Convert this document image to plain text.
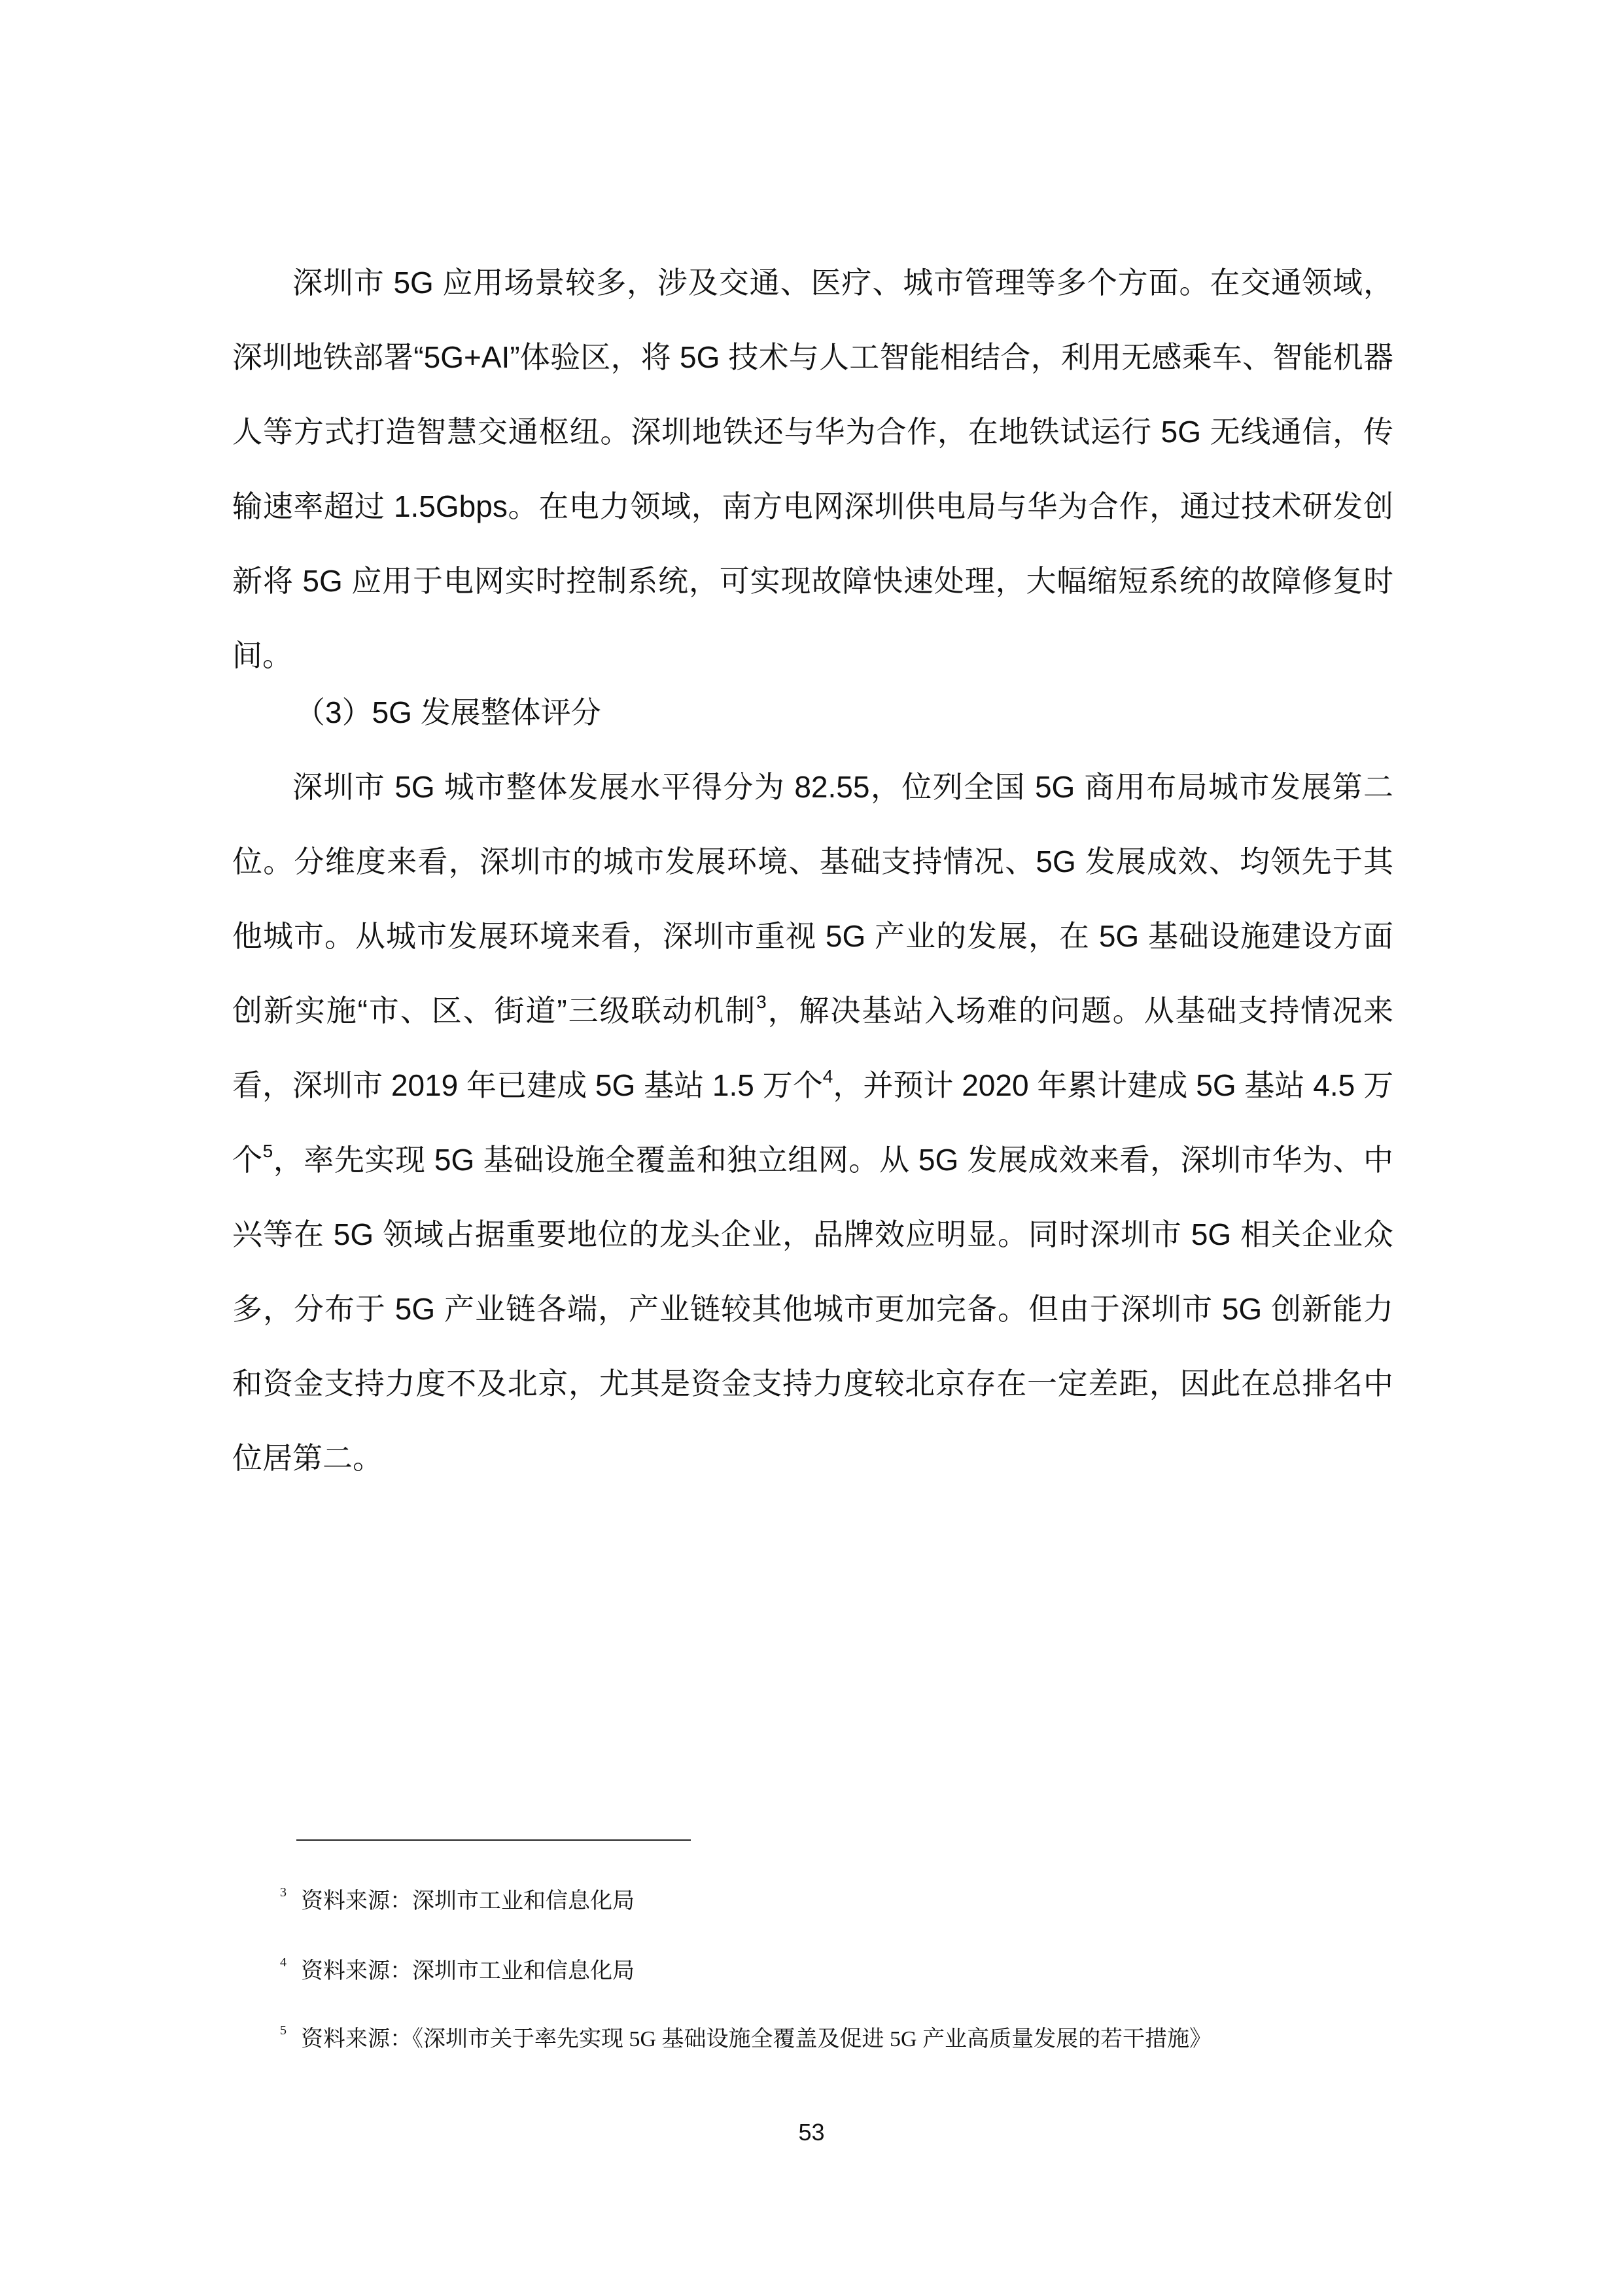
深圳市 5G 应用场景较多，涉及交通、医疗、城市管理等多个方面。在交通领域，深圳地铁部署“5G+AI”体验区，将 5G 技术与人工智能相结合，利用无感乘车、智能机器人等方式打造智慧交通枢纽。深圳地铁还与华为合作，在地铁试运行 5G 无线通信，传输速率超过 1.5Gbps。在电力领域，南方电网深圳供电局与华为合作，通过技术研发创新将 5G 应用于电网实时控制系统，可实现故障快速处理，大幅缩短系统的故障修复时间。

（3）5G 发展整体评分

深圳市 5G 城市整体发展水平得分为 82.55，位列全国 5G 商用布局城市发展第二位。分维度来看，深圳市的城市发展环境、基础支持情况、5G 发展成效、均领先于其他城市。从城市发展环境来看，深圳市重视 5G 产业的发展，在 5G 基础设施建设方面创新实施“市、区、街道”三级联动机制$^3$，解决基站入场难的问题。从基础支持情况来看，深圳市 2019 年已建成 5G 基站 1.5 万个$^4$，并预计 2020 年累计建成 5G 基站 4.5 万个$^5$，率先实现 5G 基础设施全覆盖和独立组网。从 5G 发展成效来看，深圳市华为、中兴等在 5G 领域占据重要地位的龙头企业，品牌效应明显。同时深圳市 5G 相关企业众多，分布于 5G 产业链各端，产业链较其他城市更加完备。但由于深圳市 5G 创新能力和资金支持力度不及北京，尤其是资金支持力度较北京存在一定差距，因此在总排名中位居第二。

$^3$ 资料来源：深圳市工业和信息化局

$^4$ 资料来源：深圳市工业和信息化局

$^5$ 资料来源：《深圳市关于率先实现 5G 基础设施全覆盖及促进 5G 产业高质量发展的若干措施》

53
